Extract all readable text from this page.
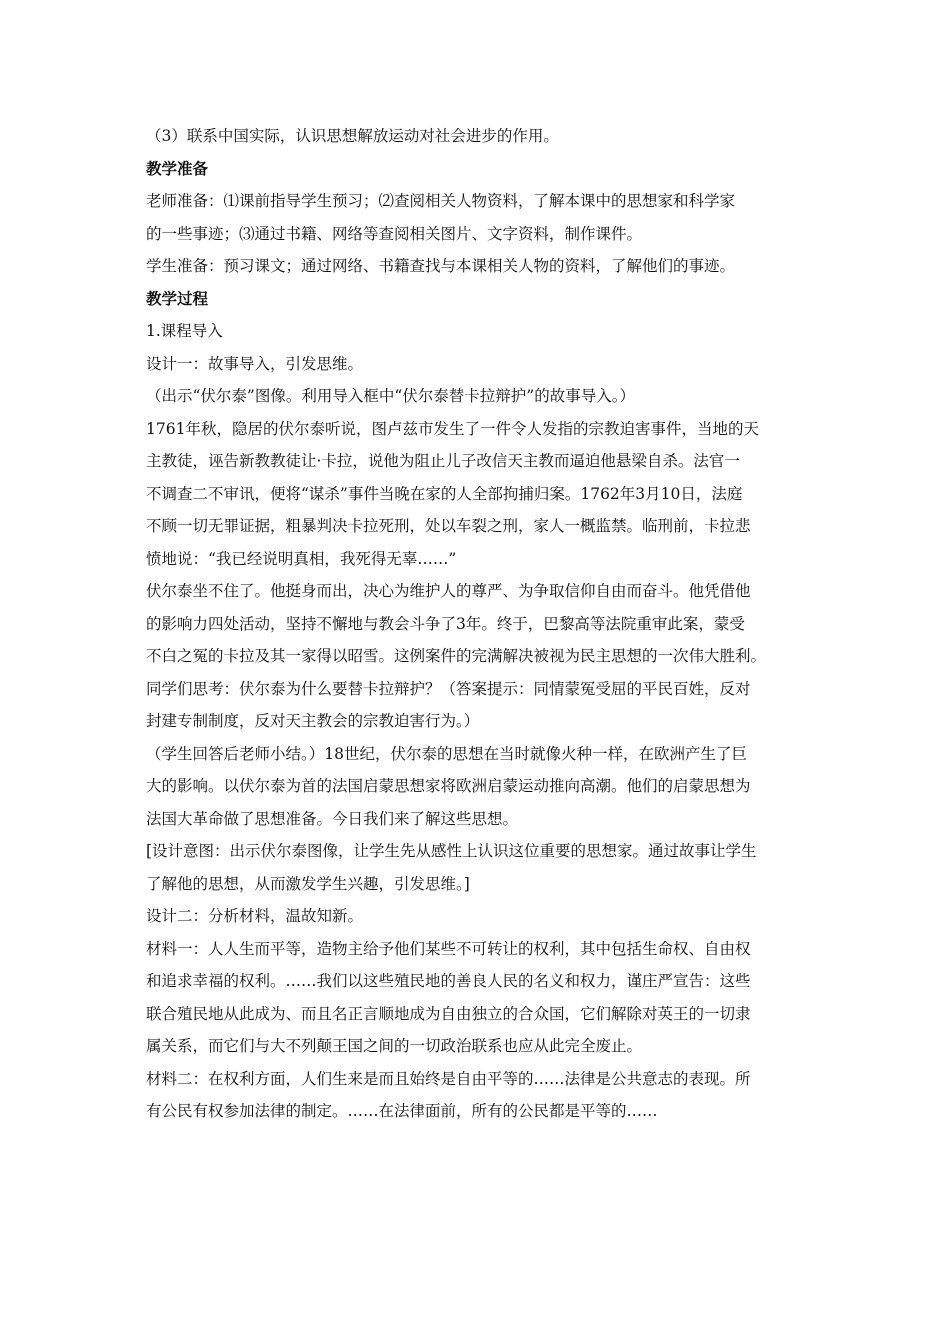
（3）联系中国实际，认识思想解放运动对社会进步的作用。
教学准备
老师准备：⑴课前指导学生预习；⑵查阅相关人物资料，了解本课中的思想家和科学家
的一些事迹；⑶通过书籍、网络等查阅相关图片、文字资料，制作课件。
学生准备：预习课文；通过网络、书籍查找与本课相关人物的资料，了解他们的事迹。
教学过程
1.课程导入
设计一：故事导入，引发思维。
（出示“伏尔泰”图像。利用导入框中“伏尔泰替卡拉辩护”的故事导入。）
1761年秋，隐居的伏尔泰听说，图卢兹市发生了一件令人发指的宗教迫害事件，当地的天
主教徒，诬告新教教徒让·卡拉，说他为阻止儿子改信天主教而逼迫他悬梁自杀。法官一
不调查二不审讯，便将“谋杀”事件当晚在家的人全部拘捕归案。1762年3月10日，法庭
不顾一切无罪证据，粗暴判决卡拉死刑，处以车裂之刑，家人一概监禁。临刑前，卡拉悲
愤地说：“我已经说明真相，我死得无辜……”
伏尔泰坐不住了。他挺身而出，决心为维护人的尊严、为争取信仰自由而奋斗。他凭借他
的影响力四处活动，坚持不懈地与教会斗争了3年。终于，巴黎高等法院重审此案，蒙受
不白之冤的卡拉及其一家得以昭雪。这例案件的完满解决被视为民主思想的一次伟大胜利。
同学们思考：伏尔泰为什么要替卡拉辩护？（答案提示：同情蒙冤受屈的平民百姓，反对
封建专制制度，反对天主教会的宗教迫害行为。）
（学生回答后老师小结。）18世纪，伏尔泰的思想在当时就像火种一样，在欧洲产生了巨
大的影响。以伏尔泰为首的法国启蒙思想家将欧洲启蒙运动推向高潮。他们的启蒙思想为
法国大革命做了思想准备。今日我们来了解这些思想。
[设计意图：出示伏尔泰图像，让学生先从感性上认识这位重要的思想家。通过故事让学生
了解他的思想，从而激发学生兴趣，引发思维。]
设计二：分析材料，温故知新。
材料一：人人生而平等，造物主给予他们某些不可转让的权利，其中包括生命权、自由权
和追求幸福的权利。……我们以这些殖民地的善良人民的名义和权力，谨庄严宣告：这些
联合殖民地从此成为、而且名正言顺地成为自由独立的合众国，它们解除对英王的一切隶
属关系，而它们与大不列颠王国之间的一切政治联系也应从此完全废止。
材料二：在权利方面，人们生来是而且始终是自由平等的……法律是公共意志的表现。所
有公民有权参加法律的制定。……在法律面前，所有的公民都是平等的……
